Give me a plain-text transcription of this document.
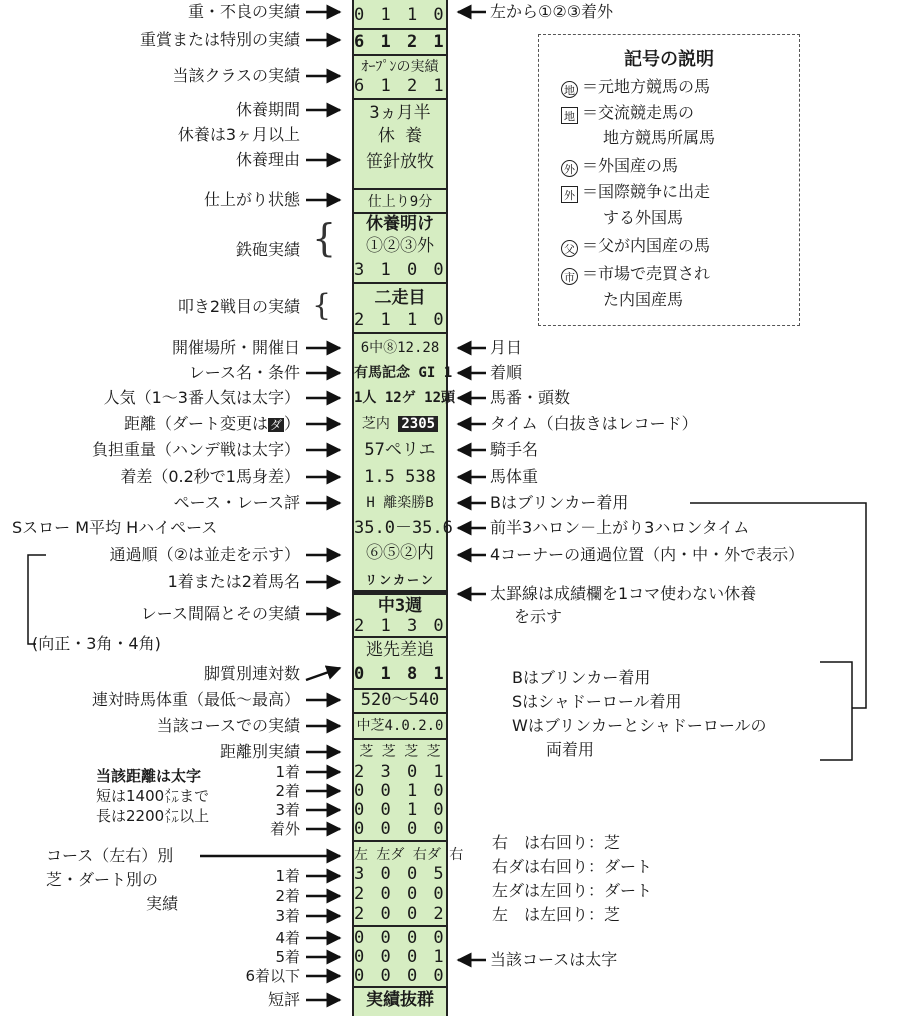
0 1 1 0
6 1 2 1
ｵｰﾌﾟﾝの実績
6 1 2 1
3ヵ月半
休 養
笹針放牧
仕上り9分
休養明け
①②③外
3 1 0 0
二走目
2 1 1 0
6中⑧12.28
有馬記念 GI 1
1人 12ゲ 12頭
芝内 2305
57ペリエ
1.5 538
H 離楽勝B
35.0－35.6
⑥⑤②内
リンカーン
中3週
2 1 3 0
逃先差追
0 1 8 1
520～540
中芝4.0.2.0
芝 芝 芝 芝
2 3 0 1
0 0 1 0
0 0 1 0
0 0 0 0
左 左ダ 右ダ 右
3 0 0 5
2 0 0 0
2 0 0 2
0 0 0 0
0 0 0 1
0 0 0 0
実績抜群
重・不良の実績
重賞または特別の実績
当該クラスの実績
休養期間
休養は3ヶ月以上
休養理由
仕上がり状態
鉄砲実績
叩き2戦目の実績
{
{
開催場所・開催日
レース名・条件
人気（1～3番人気は太字）
距離（ダート変更は ダ ）
負担重量（ハンデ戦は太字）
着差（0.2秒で1馬身差）
ペース・レース評
Sスロー M平均 Hハイペース
通過順（②は並走を示す）
1着または2着馬名
レース間隔とその実績
(向正・3角・4角)
脚質別連対数
連対時馬体重（最低～最高）
当該コースでの実績
距離別実績
当該距離は太字
短は1400㍍まで
長は2200㍍以上
1着
2着
3着
着外
コース（左右）別
芝・ダート別の
実績
1着
2着
3着
4着
5着
6着以下
短評
左から①②③着外
月日
着順
馬番・頭数
タイム（白抜きはレコード）
騎手名
馬体重
Bはブリンカー着用
前半3ハロン－上がり3ハロンタイム
4コーナーの通過位置（内・中・外で表示）
太罫線は成績欄を1コマ使わない休養
を示す
Bはブリンカー着用
Sはシャドーロール着用
Wはブリンカーとシャドーロールの
両着用
右　は右回り：芝
右ダは右回り：ダート
左ダは左回り：ダート
左　は左回り：芝
当該コースは太字
記号の説明
地 ＝元地方競馬の馬
地 ＝交流競走馬の
地方競馬所属馬
外 ＝外国産の馬
外 ＝国際競争に出走
する外国馬
父 ＝父が内国産の馬
市 ＝市場で売買され
た内国産馬
